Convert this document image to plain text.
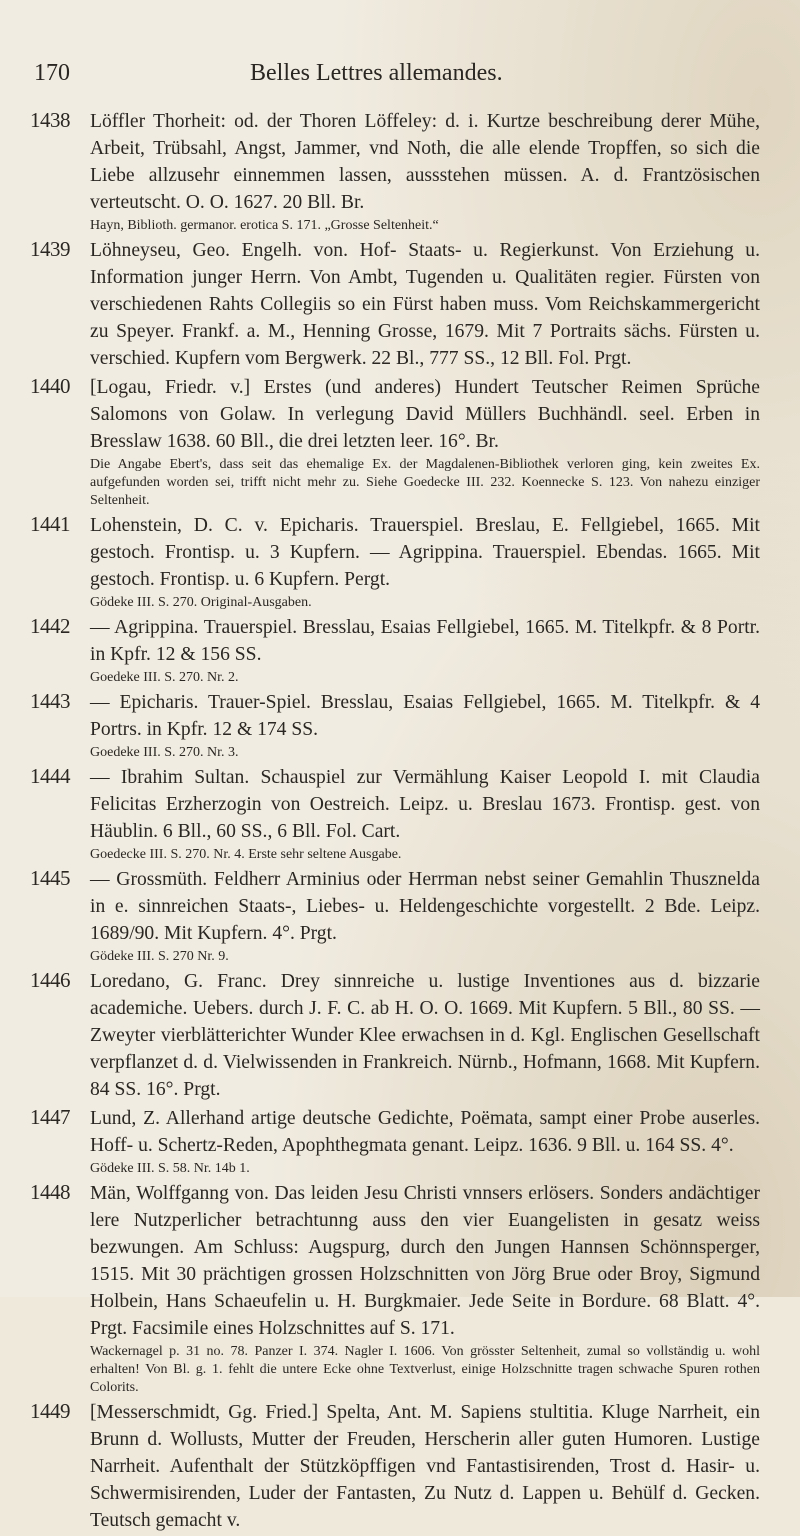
170	Belles Lettres allemandes.
1438 Löffler Thorheit: od. der Thoren Löffeley: d. i. Kurtze beschreibung derer Mühe, Arbeit, Trübsahl, Angst, Jammer, vnd Noth, die alle elende Tropffen, so sich die Liebe allzusehr einnemmen lassen, aussstehen müssen. A. d. Frantzösischen verteutscht. O. O. 1627. 20 Bll. Br.
Hayn, Biblioth. germanor. erotica S. 171. „Grosse Seltenheit.“
1439 Löhneyseu, Geo. Engelh. von. Hof- Staats- u. Regierkunst. Von Erziehung u. Information junger Herrn. Von Ambt, Tugenden u. Qualitäten regier. Fürsten von verschiedenen Rahts Collegiis so ein Fürst haben muss. Vom Reichskammergericht zu Speyer. Frankf. a. M., Henning Grosse, 1679. Mit 7 Portraits sächs. Fürsten u. verschied. Kupfern vom Bergwerk. 22 Bl., 777 SS., 12 Bll. Fol. Prgt.
1440 [Logau, Friedr. v.] Erstes (und anderes) Hundert Teutscher Reimen Sprüche Salomons von Golaw. In verlegung David Müllers Buchhändl. seel. Erben in Bresslaw 1638. 60 Bll., die drei letzten leer. 16°. Br.
Die Angabe Ebert's, dass seit das ehemalige Ex. der Magdalenen-Bibliothek verloren ging, kein zweites Ex. aufgefunden worden sei, trifft nicht mehr zu. Siehe Goedecke III. 232. Koennecke S. 123. Von nahezu einziger Seltenheit.
1441 Lohenstein, D. C. v. Epicharis. Trauerspiel. Breslau, E. Fellgiebel, 1665. Mit gestoch. Frontisp. u. 3 Kupfern. — Agrippina. Trauerspiel. Ebendas. 1665. Mit gestoch. Frontisp. u. 6 Kupfern. Pergt.
Gödeke III. S. 270. Original-Ausgaben.
1442 — Agrippina. Trauerspiel. Bresslau, Esaias Fellgiebel, 1665. M. Titelkpfr. & 8 Portr. in Kpfr. 12 & 156 SS.
Goedeke III. S. 270. Nr. 2.
1443 — Epicharis. Trauer-Spiel. Bresslau, Esaias Fellgiebel, 1665. M. Titelkpfr. & 4 Portrs. in Kpfr. 12 & 174 SS.
Goedeke III. S. 270. Nr. 3.
1444 — Ibrahim Sultan. Schauspiel zur Vermählung Kaiser Leopold I. mit Claudia Felicitas Erzherzogin von Oestreich. Leipz. u. Breslau 1673. Frontisp. gest. von Häublin. 6 Bll., 60 SS., 6 Bll. Fol. Cart.
Goedecke III. S. 270. Nr. 4. Erste sehr seltene Ausgabe.
1445 — Grossmüth. Feldherr Arminius oder Herrman nebst seiner Gemahlin Thusznelda in e. sinnreichen Staats-, Liebes- u. Heldengeschichte vorgestellt. 2 Bde. Leipz. 1689/90. Mit Kupfern. 4°. Prgt.
Gödeke III. S. 270 Nr. 9.
1446 Loredano, G. Franc. Drey sinnreiche u. lustige Inventiones aus d. bizzarie academiche. Uebers. durch J. F. C. ab H. O. O. 1669. Mit Kupfern. 5 Bll., 80 SS. — Zweyter vierblätterichter Wunder Klee erwachsen in d. Kgl. Englischen Gesellschaft verpflanzet d. d. Vielwissenden in Frankreich. Nürnb., Hofmann, 1668. Mit Kupfern. 84 SS. 16°. Prgt.
1447 Lund, Z. Allerhand artige deutsche Gedichte, Poëmata, sampt einer Probe auserles. Hoff- u. Schertz-Reden, Apophthegmata genant. Leipz. 1636. 9 Bll. u. 164 SS. 4°.
Gödeke III. S. 58. Nr. 14b 1.
1448 Män, Wolffganng von. Das leiden Jesu Christi vnnsers erlösers. Sonders andächtiger lere Nutzperlicher betrachtunng auss den vier Euangelisten in gesatz weiss bezwungen. Am Schluss: Augspurg, durch den Jungen Hannsen Schönnsperger, 1515. Mit 30 prächtigen grossen Holzschnitten von Jörg Brue oder Broy, Sigmund Holbein, Hans Schaeufelin u. H. Burgkmaier. Jede Seite in Bordure. 68 Blatt. 4°. Prgt. Facsimile eines Holzschnittes auf S. 171.
Wackernagel p. 31 no. 78. Panzer I. 374. Nagler I. 1606. Von grösster Seltenheit, zumal so vollständig u. wohl erhalten! Von Bl. g. 1. fehlt die untere Ecke ohne Textverlust, einige Holzschnitte tragen schwache Spuren rothen Colorits.
1449 [Messerschmidt, Gg. Fried.] Spelta, Ant. M. Sapiens stultitia. Kluge Narrheit, ein Brunn d. Wollusts, Mutter der Freuden, Herscherin aller guten Humoren. Lustige Narrheit. Aufenthalt der Stützköpffigen vnd Fantastisirenden, Trost d. Hasir- u. Schwermisirenden, Luder der Fantasten, Zu Nutz d. Lappen u. Behülf d. Gecken. Teutsch gemacht v.
